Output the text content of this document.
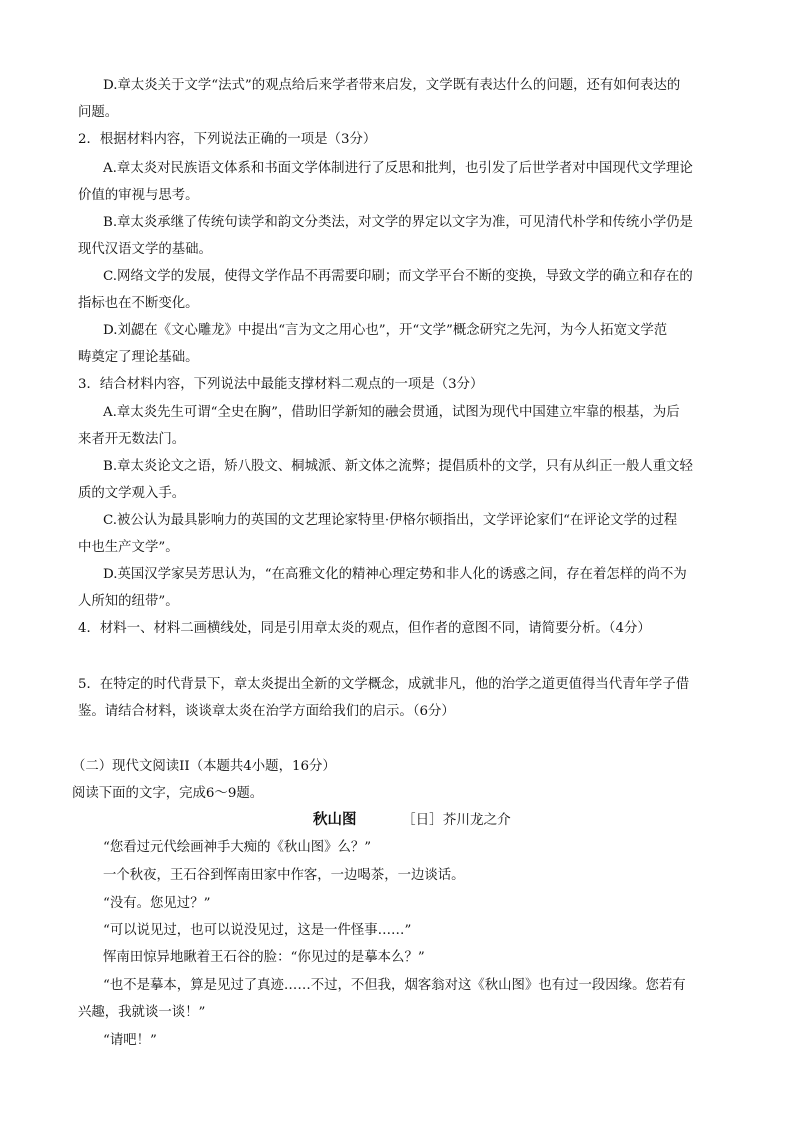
D.章太炎关于文学“法式”的观点给后来学者带来启发，文学既有表达什么的问题，还有如何表达的
问题。
2．根据材料内容，下列说法正确的一项是（3分）
A.章太炎对民族语文体系和书面文学体制进行了反思和批判，也引发了后世学者对中国现代文学理论
价值的审视与思考。
B.章太炎承继了传统句读学和韵文分类法，对文学的界定以文字为准，可见清代朴学和传统小学仍是
现代汉语文学的基础。
C.网络文学的发展，使得文学作品不再需要印刷；而文学平台不断的变换，导致文学的确立和存在的
指标也在不断变化。
D.刘勰在《文心雕龙》中提出“言为文之用心也”，开“文学”概念研究之先河，为今人拓宽文学范
畴奠定了理论基础。
3．结合材料内容，下列说法中最能支撑材料二观点的一项是（3分）
A.章太炎先生可谓“全史在胸”，借助旧学新知的融会贯通，试图为现代中国建立牢靠的根基，为后
来者开无数法门。
B.章太炎论文之语，矫八股文、桐城派、新文体之流弊；提倡质朴的文学，只有从纠正一般人重文轻
质的文学观入手。
C.被公认为最具影响力的英国的文艺理论家特里·伊格尔顿指出，文学评论家们“在评论文学的过程
中也生产文学”。
D.英国汉学家吴芳思认为，“在高雅文化的精神心理定势和非人化的诱惑之间，存在着怎样的尚不为
人所知的纽带”。
4．材料一、材料二画横线处，同是引用章太炎的观点，但作者的意图不同，请简要分析。（4分）
5．在特定的时代背景下，章太炎提出全新的文学概念，成就非凡，他的治学之道更值得当代青年学子借
鉴。请结合材料，谈谈章太炎在治学方面给我们的启示。（6分）
（二）现代文阅读II（本题共4小题，16分）
阅读下面的文字，完成6～9题。
秋山图	［日］芥川龙之介
“您看过元代绘画神手大痴的《秋山图》么？”
一个秋夜，王石谷到恽南田家中作客，一边喝茶，一边谈话。
“没有。您见过？”
“可以说见过，也可以说没见过，这是一件怪事……”
恽南田惊异地瞅着王石谷的脸：“你见过的是摹本么？”
“也不是摹本，算是见过了真迹……不过，不但我，烟客翁对这《秋山图》也有过一段因缘。您若有
兴趣，我就谈一谈！”
“请吧！”
